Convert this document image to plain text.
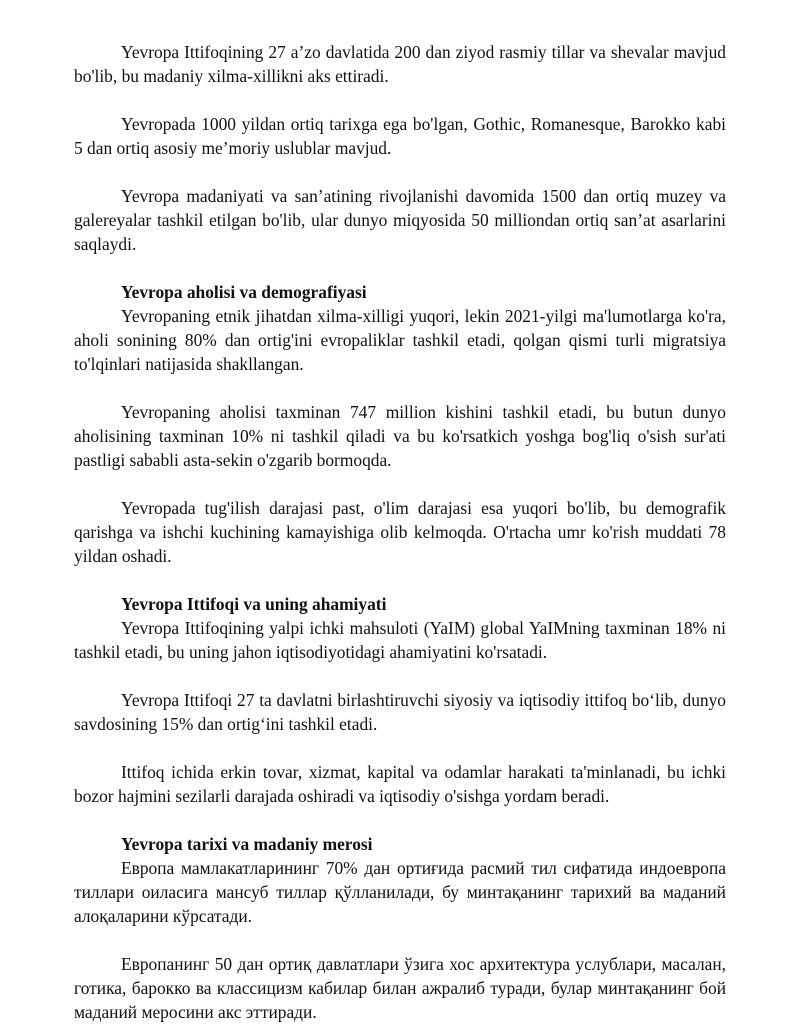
Yevropa Ittifoqining 27 a’zo davlatida 200 dan ziyod rasmiy tillar va shevalar mavjud bo'lib, bu madaniy xilma-xillikni aks ettiradi.

Yevropada 1000 yildan ortiq tarixga ega bo'lgan, Gothic, Romanesque, Barokko kabi 5 dan ortiq asosiy me’moriy uslublar mavjud.

Yevropa madaniyati va san’atining rivojlanishi davomida 1500 dan ortiq muzey va galereyalar tashkil etilgan bo'lib, ular dunyo miqyosida 50 milliondan ortiq san’at asarlarini saqlaydi.

Yevropa aholisi va demografiyasi

Yevropaning etnik jihatdan xilma-xilligi yuqori, lekin 2021-yilgi ma'lumotlarga ko'ra, aholi sonining 80% dan ortig'ini evropaliklar tashkil etadi, qolgan qismi turli migratsiya to'lqinlari natijasida shakllangan.

Yevropaning aholisi taxminan 747 million kishini tashkil etadi, bu butun dunyo aholisining taxminan 10% ni tashkil qiladi va bu ko'rsatkich yoshga bog'liq o'sish sur'ati pastligi sababli asta-sekin o'zgarib bormoqda.

Yevropada tug'ilish darajasi past, o'lim darajasi esa yuqori bo'lib, bu demografik qarishga va ishchi kuchining kamayishiga olib kelmoqda. O'rtacha umr ko'rish muddati 78 yildan oshadi.

Yevropa Ittifoqi va uning ahamiyati

Yevropa Ittifoqining yalpi ichki mahsuloti (YaIM) global YaIMning taxminan 18% ni tashkil etadi, bu uning jahon iqtisodiyotidagi ahamiyatini ko'rsatadi.

Yevropa Ittifoqi 27 ta davlatni birlashtiruvchi siyosiy va iqtisodiy ittifoq bo‘lib, dunyo savdosining 15% dan ortig‘ini tashkil etadi.

Ittifoq ichida erkin tovar, xizmat, kapital va odamlar harakati ta'minlanadi, bu ichki bozor hajmini sezilarli darajada oshiradi va iqtisodiy o'sishga yordam beradi.

Yevropa tarixi va madaniy merosi

Европа мамлакатларининг 70% дан ортиғида расмий тил сифатида индоевропа тиллари оиласига мансуб тиллар қўлланилади, бу минтақанинг тарихий ва маданий алоқаларини кўрсатади.

Европанинг 50 дан ортиқ давлатлари ўзига хос архитектура услублари, масалан, готика, барокко ва классицизм кабилар билан ажралиб туради, булар минтақанинг бой маданий меросини акс эттиради.
